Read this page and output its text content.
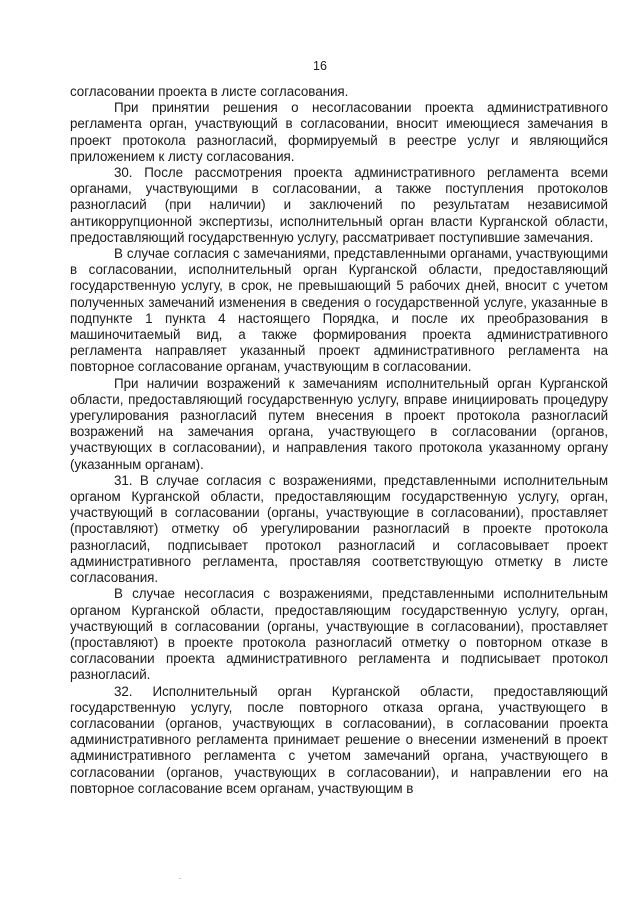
16

согласовании проекта в листе согласования.

При принятии решения о несогласовании проекта административного регламента орган, участвующий в согласовании, вносит имеющиеся замечания в проект протокола разногласий, формируемый в реестре услуг и являющийся приложением к листу согласования.

30. После рассмотрения проекта административного регламента всеми органами, участвующими в согласовании, а также поступления протоколов разногласий (при наличии) и заключений по результатам независимой антикоррупционной экспертизы, исполнительный орган власти Курганской области, предоставляющий государственную услугу, рассматривает поступившие замечания.

В случае согласия с замечаниями, представленными органами, участвующими в согласовании, исполнительный орган Курганской области, предоставляющий государственную услугу, в срок, не превышающий 5 рабочих дней, вносит с учетом полученных замечаний изменения в сведения о государственной услуге, указанные в подпункте 1 пункта 4 настоящего Порядка, и после их преобразования в машиночитаемый вид, а также формирования проекта административного регламента направляет указанный проект административного регламента на повторное согласование органам, участвующим в согласовании.

При наличии возражений к замечаниям исполнительный орган Курганской области, предоставляющий государственную услугу, вправе инициировать процедуру урегулирования разногласий путем внесения в проект протокола разногласий возражений на замечания органа, участвующего в согласовании (органов, участвующих в согласовании), и направления такого протокола указанному органу (указанным органам).

31. В случае согласия с возражениями, представленными исполнительным органом Курганской области, предоставляющим государственную услугу, орган, участвующий в согласовании (органы, участвующие в согласовании), проставляет (проставляют) отметку об урегулировании разногласий в проекте протокола разногласий, подписывает протокол разногласий и согласовывает проект административного регламента, проставляя соответствующую отметку в листе согласования.

В случае несогласия с возражениями, представленными исполнительным органом Курганской области, предоставляющим государственную услугу, орган, участвующий в согласовании (органы, участвующие в согласовании), проставляет (проставляют) в проекте протокола разногласий отметку о повторном отказе в согласовании проекта административного регламента и подписывает протокол разногласий.

32. Исполнительный орган Курганской области, предоставляющий государственную услугу, после повторного отказа органа, участвующего в согласовании (органов, участвующих в согласовании), в согласовании проекта административного регламента принимает решение о внесении изменений в проект административного регламента с учетом замечаний органа, участвующего в согласовании (органов, участвующих в согласовании), и направлении его на повторное согласование всем органам, участвующим в
